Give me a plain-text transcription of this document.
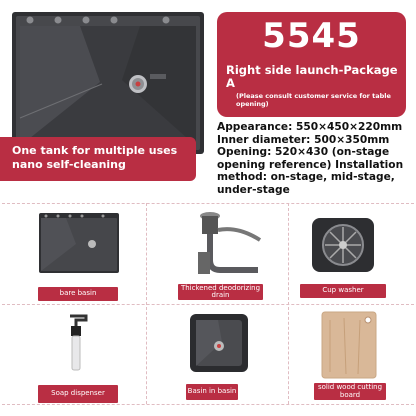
5545
Right side launch-Package A
(Please consult customer service for table opening)
One tank for multiple uses nano self-cleaning

Appearance: 550×450×220mm

Inner diameter: 500×350mm

Opening: 520×430 (on-stage opening reference) Installation method: on-stage, mid-stage, under-stage

bare basin
Thickened deodorizing drain
Cup washer
Soap dispenser	Basin in basin
solid wood cutting board
